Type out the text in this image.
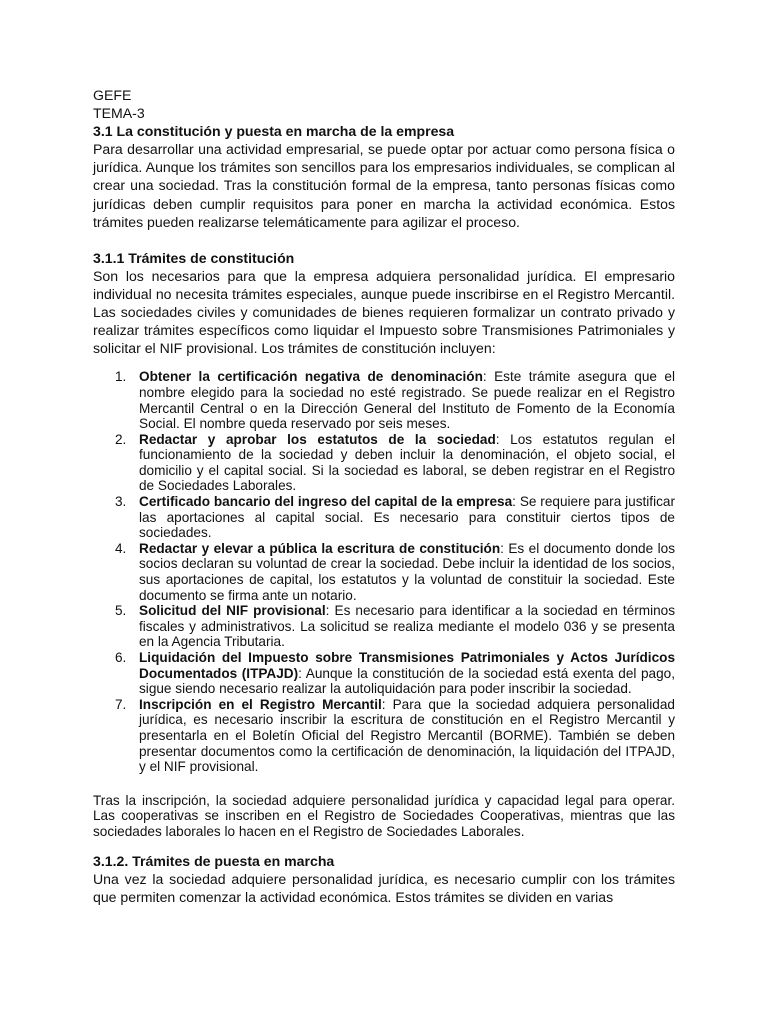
GEFE

TEMA-3

3.1 La constitución y puesta en marcha de la empresa

Para desarrollar una actividad empresarial, se puede optar por actuar como persona física o jurídica. Aunque los trámites son sencillos para los empresarios individuales, se complican al crear una sociedad. Tras la constitución formal de la empresa, tanto personas físicas como jurídicas deben cumplir requisitos para poner en marcha la actividad económica. Estos trámites pueden realizarse telemáticamente para agilizar el proceso.

3.1.1 Trámites de constitución

Son los necesarios para que la empresa adquiera personalidad jurídica. El empresario individual no necesita trámites especiales, aunque puede inscribirse en el Registro Mercantil. Las sociedades civiles y comunidades de bienes requieren formalizar un contrato privado y realizar trámites específicos como liquidar el Impuesto sobre Transmisiones Patrimoniales y solicitar el NIF provisional. Los trámites de constitución incluyen:

1. Obtener la certificación negativa de denominación: Este trámite asegura que el nombre elegido para la sociedad no esté registrado. Se puede realizar en el Registro Mercantil Central o en la Dirección General del Instituto de Fomento de la Economía Social. El nombre queda reservado por seis meses.
2. Redactar y aprobar los estatutos de la sociedad: Los estatutos regulan el funcionamiento de la sociedad y deben incluir la denominación, el objeto social, el domicilio y el capital social. Si la sociedad es laboral, se deben registrar en el Registro de Sociedades Laborales.
3. Certificado bancario del ingreso del capital de la empresa: Se requiere para justificar las aportaciones al capital social. Es necesario para constituir ciertos tipos de sociedades.
4. Redactar y elevar a pública la escritura de constitución: Es el documento donde los socios declaran su voluntad de crear la sociedad. Debe incluir la identidad de los socios, sus aportaciones de capital, los estatutos y la voluntad de constituir la sociedad. Este documento se firma ante un notario.
5. Solicitud del NIF provisional: Es necesario para identificar a la sociedad en términos fiscales y administrativos. La solicitud se realiza mediante el modelo 036 y se presenta en la Agencia Tributaria.
6. Liquidación del Impuesto sobre Transmisiones Patrimoniales y Actos Jurídicos Documentados (ITPAJD): Aunque la constitución de la sociedad está exenta del pago, sigue siendo necesario realizar la autoliquidación para poder inscribir la sociedad.
7. Inscripción en el Registro Mercantil: Para que la sociedad adquiera personalidad jurídica, es necesario inscribir la escritura de constitución en el Registro Mercantil y presentarla en el Boletín Oficial del Registro Mercantil (BORME). También se deben presentar documentos como la certificación de denominación, la liquidación del ITPAJD, y el NIF provisional.

Tras la inscripción, la sociedad adquiere personalidad jurídica y capacidad legal para operar. Las cooperativas se inscriben en el Registro de Sociedades Cooperativas, mientras que las sociedades laborales lo hacen en el Registro de Sociedades Laborales.

3.1.2. Trámites de puesta en marcha

Una vez la sociedad adquiere personalidad jurídica, es necesario cumplir con los trámites que permiten comenzar la actividad económica. Estos trámites se dividen en varias
